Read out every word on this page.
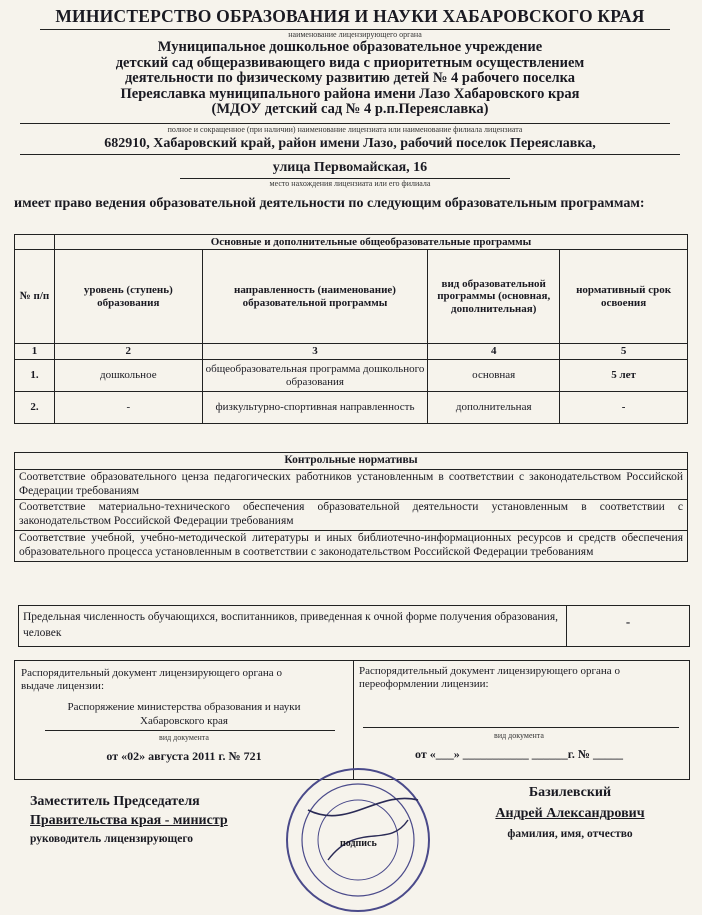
МИНИСТЕРСТВО ОБРАЗОВАНИЯ И НАУКИ ХАБАРОВСКОГО КРАЯ
наименование лицензирующего органа
Муниципальное дошкольное образовательное учреждение
детский сад общеразвивающего вида с приоритетным осуществлением
деятельности по физическому развитию детей № 4 рабочего поселка
Переяславка муниципального района имени Лазо Хабаровского края
(МДОУ детский сад № 4 р.п.Переяславка)
полное и сокращенное (при наличии) наименование лицензиата или наименование филиала лицензиата
682910, Хабаровский край, район имени Лазо, рабочий поселок Переяславка,
улица Первомайская, 16
место нахождения лицензиата или его филиала
имеет право ведения образовательной деятельности по следующим образовательным программам:
	Основные и дополнительные общеобразовательные программы			
№ п/п	уровень (ступень) образования	направленность (наименование) образовательной программы	вид образовательной программы (основная, дополнительная)	нормативный срок освоения
1	2	3	4	5
1.	дошкольное	общеобразовательная программа дошкольного образования	основная	5 лет
2.	-	физкультурно-спортивная направленность	дополнительная	-
Контрольные нормативы
Соответствие образовательного ценза педагогических работников установленным в соответствии с законодательством Российской Федерации требованиям
Соответствие материально-технического обеспечения образовательной деятельности установленным в соответствии с законодательством Российской Федерации требованиям
Соответствие учебной, учебно-методической литературы и иных библиотечно-информационных ресурсов и средств обеспечения образовательного процесса установленным в соответствии с законодательством Российской Федерации требованиям
Предельная численность обучающихся, воспитанников, приведенная к очной форме получения образования, человек
-
Распорядительный документ лицензирующего органа о выдаче лицензии:
Распоряжение министерства образования и науки
Хабаровского края
вид документа
от «02» августа 2011 г. № 721
Распорядительный документ лицензирующего органа о переоформлении лицензии:
вид документа
от «___» ___________ ______г. № _____
Заместитель Председателя
Правительства края - министр
руководитель лицензирующего	подпись
Базилевский
Андрей Александрович
фамилия, имя, отчество
